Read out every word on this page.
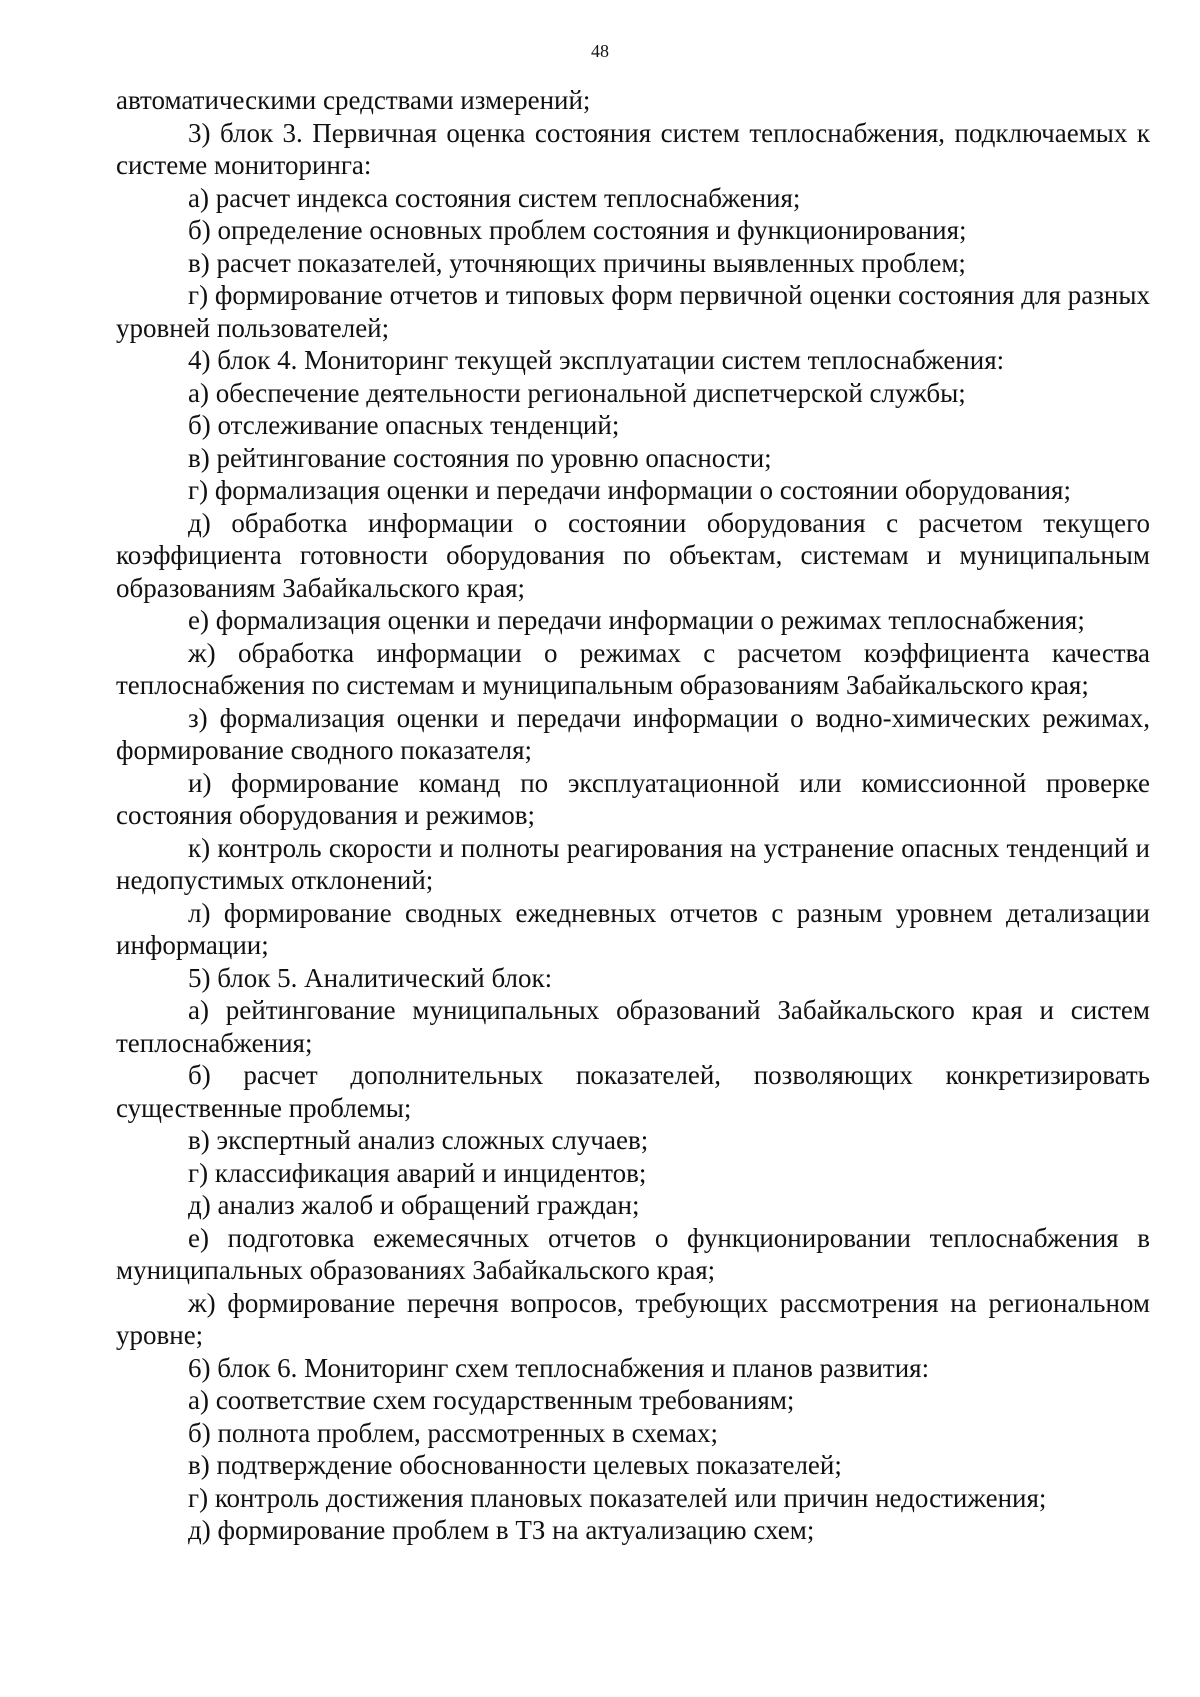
48

автоматическими средствами измерений;

3) блок 3. Первичная оценка состояния систем теплоснабжения, подключаемых к системе мониторинга:

а) расчет индекса состояния систем теплоснабжения;

б) определение основных проблем состояния и функционирования;

в) расчет показателей, уточняющих причины выявленных проблем;

г) формирование отчетов и типовых форм первичной оценки состояния для разных уровней пользователей;

4) блок 4. Мониторинг текущей эксплуатации систем теплоснабжения:

а) обеспечение деятельности региональной диспетчерской службы;

б) отслеживание опасных тенденций;

в) рейтингование состояния по уровню опасности;

г) формализация оценки и передачи информации о состоянии оборудования;

д) обработка информации о состоянии оборудования с расчетом текущего коэффициента готовности оборудования по объектам, системам и муниципальным образованиям Забайкальского края;

е) формализация оценки и передачи информации о режимах теплоснабжения;

ж) обработка информации о режимах с расчетом коэффициента качества теплоснабжения по системам и муниципальным образованиям Забайкальского края;

з) формализация оценки и передачи информации о водно-химических режимах, формирование сводного показателя;

и) формирование команд по эксплуатационной или комиссионной проверке состояния оборудования и режимов;

к) контроль скорости и полноты реагирования на устранение опасных тенденций и недопустимых отклонений;

л) формирование сводных ежедневных отчетов с разным уровнем детализации информации;

5) блок 5. Аналитический блок:

а) рейтингование муниципальных образований Забайкальского края и систем теплоснабжения;

б) расчет дополнительных показателей, позволяющих конкретизировать существенные проблемы;

в) экспертный анализ сложных случаев;

г) классификация аварий и инцидентов;

д) анализ жалоб и обращений граждан;

е) подготовка ежемесячных отчетов о функционировании теплоснабжения в муниципальных образованиях Забайкальского края;

ж) формирование перечня вопросов, требующих рассмотрения на региональном уровне;

6) блок 6. Мониторинг схем теплоснабжения и планов развития:

а) соответствие схем государственным требованиям;

б) полнота проблем, рассмотренных в схемах;

в) подтверждение обоснованности целевых показателей;

г) контроль достижения плановых показателей или причин недостижения;

д) формирование проблем в ТЗ на актуализацию схем;
